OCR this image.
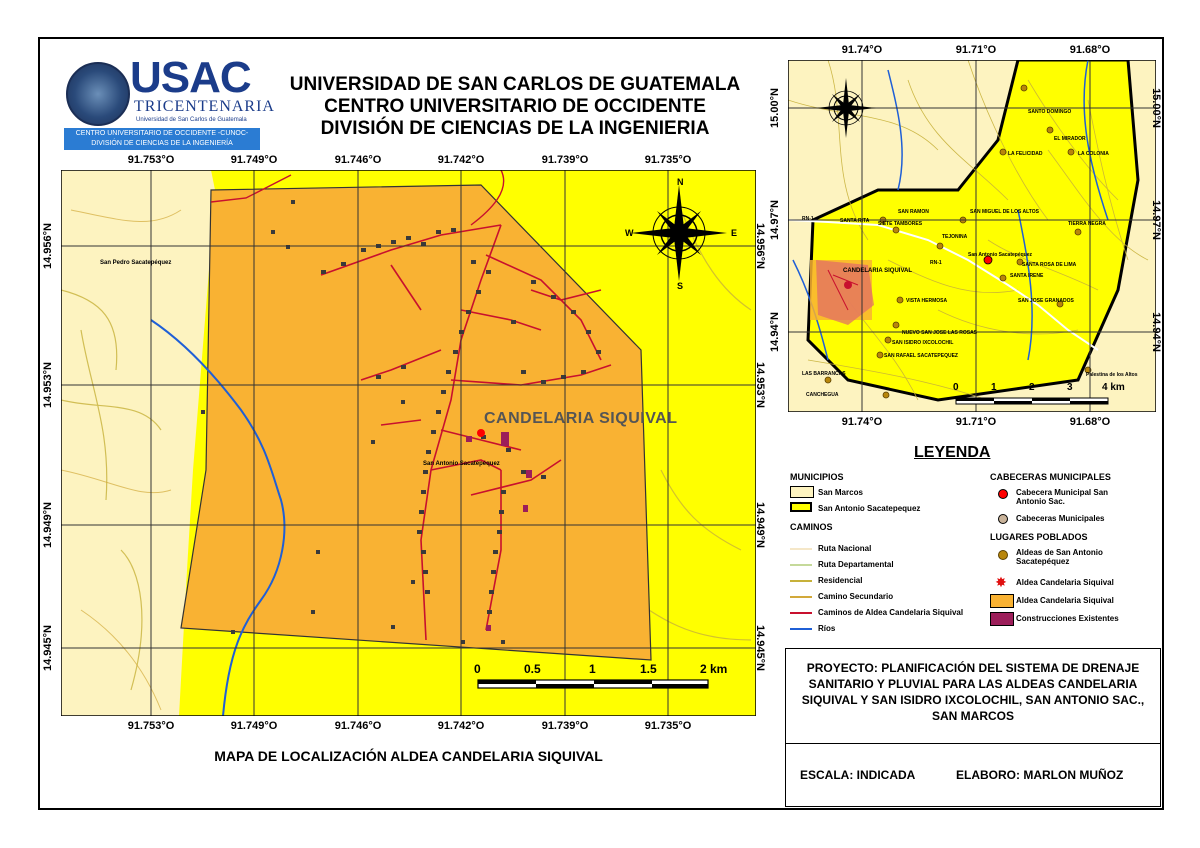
USAC
TRICENTENARIA
Universidad de San Carlos de Guatemala
CENTRO UNIVERSITARIO DE OCCIDENTE -CUNOC-
DIVISIÓN DE CIENCIAS DE LA INGENIERÍA
UNIVERSIDAD DE SAN CARLOS DE GUATEMALA
CENTRO UNIVERSITARIO DE OCCIDENTE
DIVISIÓN DE CIENCIAS DE LA INGENIERIA
N
S
E
W
CANDELARIA SIQUIVAL
San Pedro Sacatepéquez
San Antonio Sacatepéquez
0	0.5	1	1.5	2 km
91.753°O	91.749°O	91.746°O	91.742°O	91.739°O	91.735°O
91.753°O	91.749°O	91.746°O	91.742°O	91.739°O	91.735°O
14.956°N
14.953°N
14.949°N
14.945°N
14.956°N
14.953°N
14.949°N
14.945°N
MAPA DE LOCALIZACIÓN ALDEA CANDELARIA SIQUIVAL
91.74°O	91.71°O	91.68°O
91.74°O	91.71°O	91.68°O
15.00°N
14.97°N
14.94°N
15.00°N
14.97°N
14.94°N
SANTO DOMINGO
EL MIRADOR
LA FELICIDAD	LA COLONIA
SIETE TAMBORES
SANTA RITA
SAN RAMON	SAN MIGUEL DE LOS ALTOS
TIERRA NEGRA
TEJONINA
San Antonio Sacatepéquez
SANTA ROSA DE LIMA
CANDELARIA SIQUIVAL
SANTA IRENE
VISTA HERMOSA	SAN JOSE GRANADOS
NUEVO SAN JOSE LAS ROSAS
SAN ISIDRO IXCOLOCHIL
SAN RAFAEL SACATEPEQUEZ
LAS BARRANCAS
CANCHEGUA
Palestina de los Altos
RN-1
RN-1
0	1	2	3	4 km
LEYENDA
MUNICIPIOS
San Marcos
San Antonio Sacatepequez
CAMINOS
Ruta Nacional
Ruta Departamental
Residencial
Camino Secundario
Caminos de Aldea Candelaria Siquival
Ríos
CABECERAS MUNICIPALES
Cabecera Municipal San Antonio Sac.
Cabeceras Municipales
LUGARES POBLADOS
Aldeas de San Antonio Sacatepéquez
✸ Aldea Candelaria Siquival
Aldea Candelaria Siquival
Construcciones Existentes
PROYECTO: PLANIFICACIÓN DEL SISTEMA DE DRENAJE SANITARIO Y PLUVIAL PARA LAS ALDEAS CANDELARIA SIQUIVAL Y SAN ISIDRO IXCOLOCHIL, SAN ANTONIO SAC., SAN MARCOS
ESCALA: INDICADA	ELABORO: MARLON MUÑOZ
